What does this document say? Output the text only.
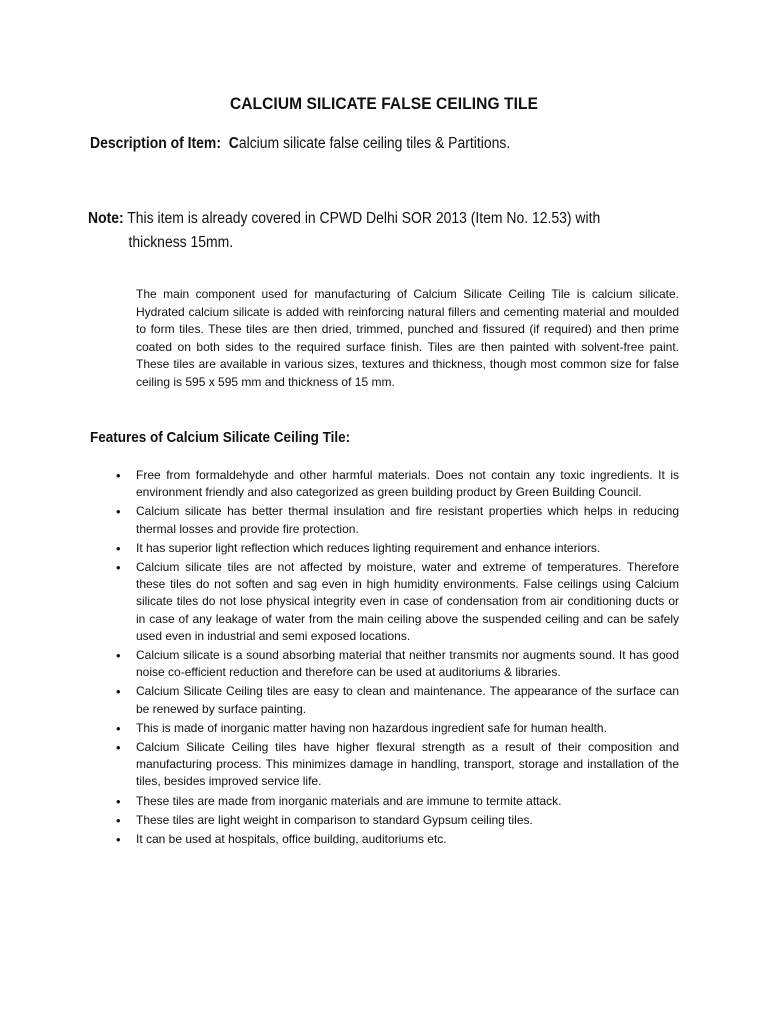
CALCIUM SILICATE FALSE CEILING TILE
Description of Item: Calcium silicate false ceiling tiles & Partitions.
Note: This item is already covered in CPWD Delhi SOR 2013 (Item No. 12.53) with
thickness 15mm.

The main component used for manufacturing of Calcium Silicate Ceiling Tile is calcium silicate. Hydrated calcium silicate is added with reinforcing natural fillers and cementing material and moulded to form tiles. These tiles are then dried, trimmed, punched and fissured (if required) and then prime coated on both sides to the required surface finish. Tiles are then painted with solvent-free paint. These tiles are available in various sizes, textures and thickness, though most common size for false ceiling is 595 x 595 mm and thickness of 15 mm.

Features of Calcium Silicate Ceiling Tile:
• Free from formaldehyde and other harmful materials. Does not contain any toxic ingredients. It is environment friendly and also categorized as green building product by Green Building Council.
• Calcium silicate has better thermal insulation and fire resistant properties which helps in reducing thermal losses and provide fire protection.
• It has superior light reflection which reduces lighting requirement and enhance interiors.
• Calcium silicate tiles are not affected by moisture, water and extreme of temperatures. Therefore these tiles do not soften and sag even in high humidity environments. False ceilings using Calcium silicate tiles do not lose physical integrity even in case of condensation from air conditioning ducts or in case of any leakage of water from the main ceiling above the suspended ceiling and can be safely used even in industrial and semi exposed locations.
• Calcium silicate is a sound absorbing material that neither transmits nor augments sound. It has good noise co-efficient reduction and therefore can be used at auditoriums & libraries.
• Calcium Silicate Ceiling tiles are easy to clean and maintenance. The appearance of the surface can be renewed by surface painting.
• This is made of inorganic matter having non hazardous ingredient safe for human health.
• Calcium Silicate Ceiling tiles have higher flexural strength as a result of their composition and manufacturing process. This minimizes damage in handling, transport, storage and installation of the tiles, besides improved service life.
• These tiles are made from inorganic materials and are immune to termite attack.
• These tiles are light weight in comparison to standard Gypsum ceiling tiles.
• It can be used at hospitals, office building, auditoriums etc.
